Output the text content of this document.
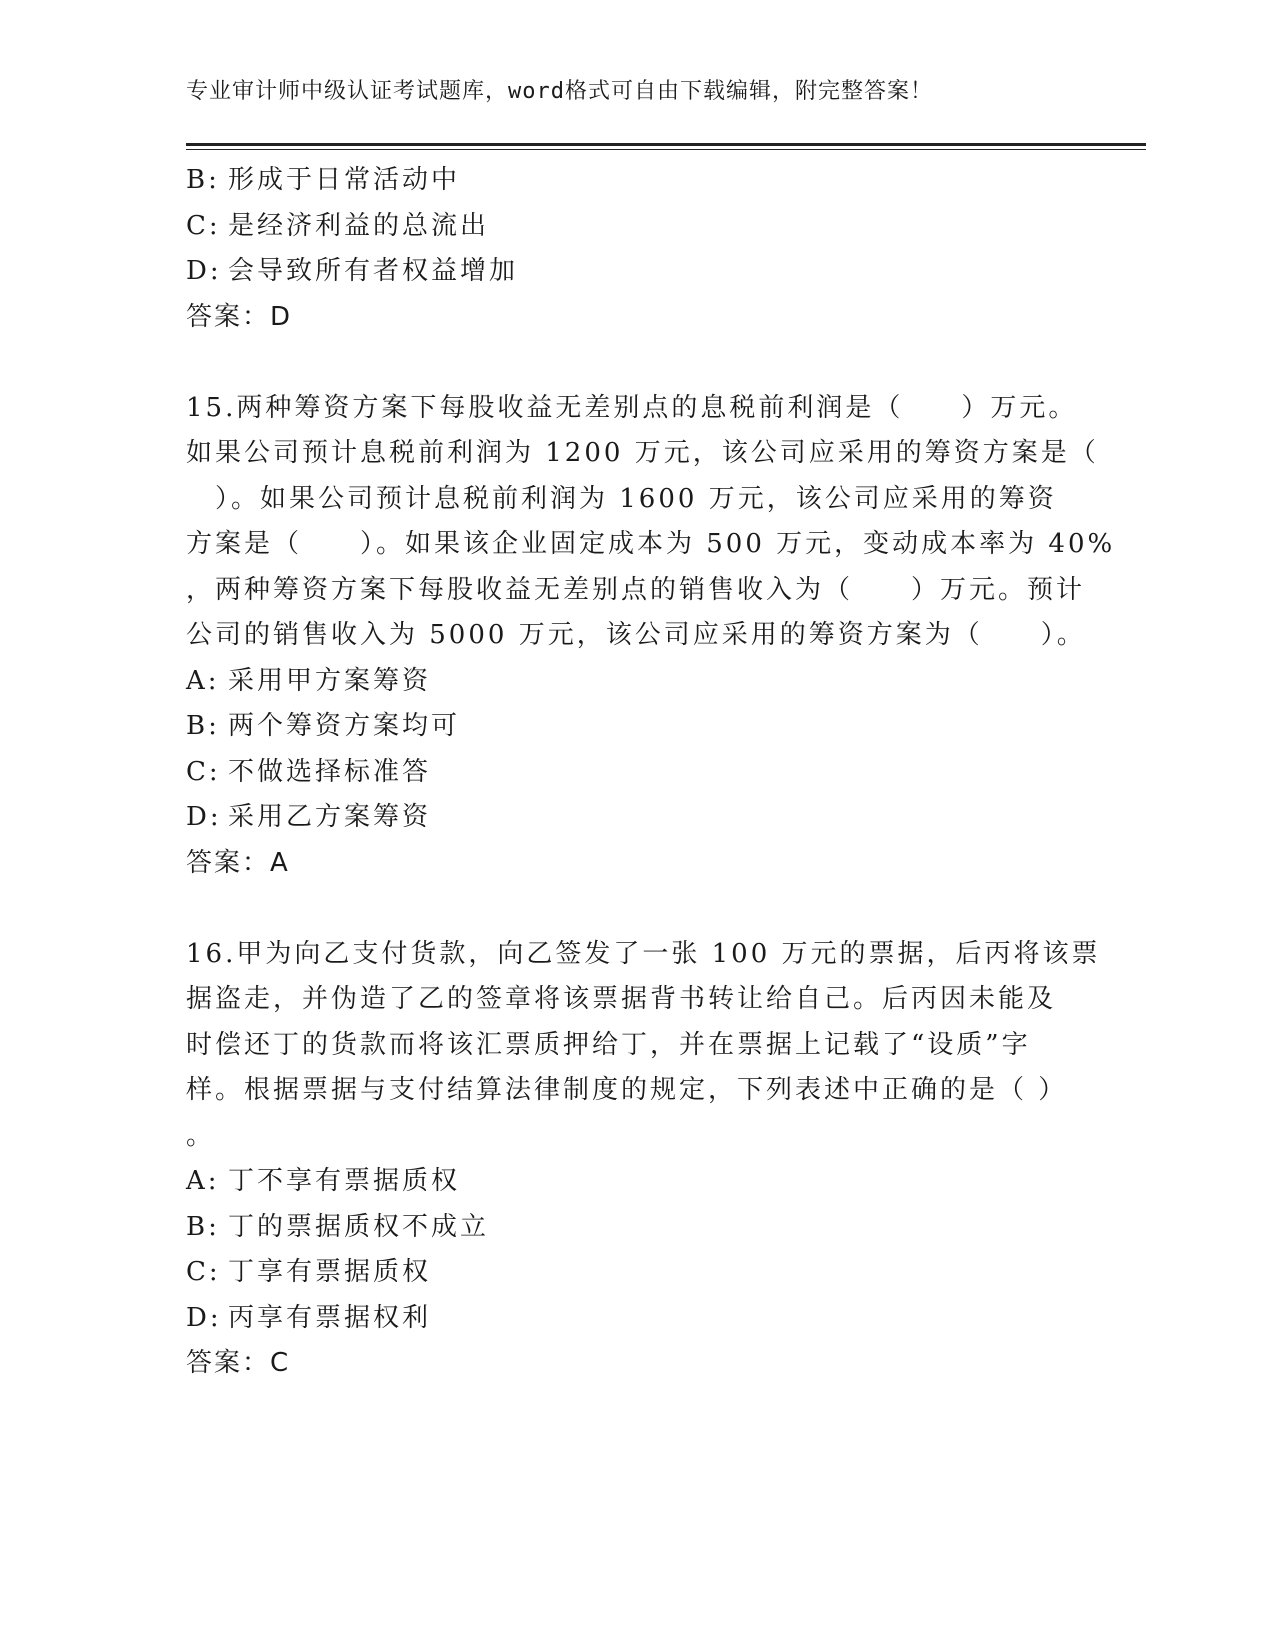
专业审计师中级认证考试题库，word格式可自由下载编辑，附完整答案！
B: 形成于日常活动中
C: 是经济利益的总流出
D: 会导致所有者权益增加
答案：D
15.两种筹资方案下每股收益无差别点的息税前利润是（　　）万元。
如果公司预计息税前利润为 1200 万元，该公司应采用的筹资方案是（
　）。如果公司预计息税前利润为 1600 万元，该公司应采用的筹资
方案是（　　）。如果该企业固定成本为 500 万元，变动成本率为 40%
，两种筹资方案下每股收益无差别点的销售收入为（　　）万元。预计
公司的销售收入为 5000 万元，该公司应采用的筹资方案为（　　）。
A: 采用甲方案筹资
B: 两个筹资方案均可
C: 不做选择标准答
D: 采用乙方案筹资
答案：A
16.甲为向乙支付货款，向乙签发了一张 100 万元的票据，后丙将该票
据盗走，并伪造了乙的签章将该票据背书转让给自己。后丙因未能及
时偿还丁的货款而将该汇票质押给丁，并在票据上记载了“设质”字
样。根据票据与支付结算法律制度的规定，下列表述中正确的是（ ）
。
A: 丁不享有票据质权
B: 丁的票据质权不成立
C: 丁享有票据质权
D: 丙享有票据权利
答案：C
